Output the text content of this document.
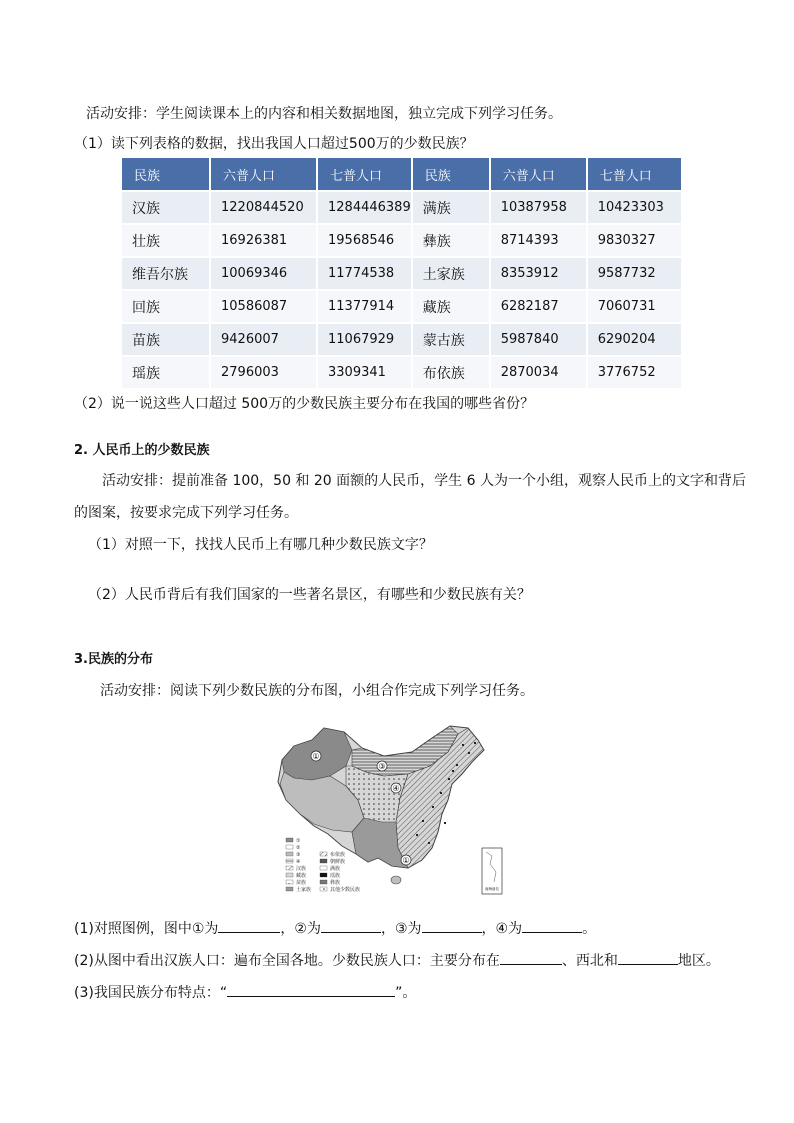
活动安排：学生阅读课本上的内容和相关数据地图，独立完成下列学习任务。
（1）读下列表格的数据，找出我国人口超过500万的少数民族？
民族	六普人口	七普人口	民族	六普人口	七普人口
汉族	1220844520	1284446389	满族	10387958	10423303
壮族	16926381	19568546	彝族	8714393	9830327
维吾尔族	10069346	11774538	土家族	8353912	9587732
回族	10586087	11377914	藏族	6282187	7060731
苗族	9426007	11067929	蒙古族	5987840	6290204
瑶族	2796003	3309341	布依族	2870034	3776752
（2）说一说这些人口超过 500万的少数民族主要分布在我国的哪些省份？
2. 人民币上的少数民族
活动安排：提前准备 100，50 和 20 面额的人民币，学生 6 人为一个小组，观察人民币上的文字和背后
的图案，按要求完成下列学习任务。
（1）对照一下，找找人民币上有哪几种少数民族文字？
（2）人民币背后有我们国家的一些著名景区，有哪些和少数民族有关？
3.民族的分布
活动安排：阅读下列少数民族的分布图，小组合作完成下列学习任务。
①
③
④
①
①
②
③
④
汉族
藏族
苗族
土家族
布依族
朝鲜族
满族
瑶族
彝族
其他少数民族	南海诸岛
(1)对照图例，图中①为	，②为	，③为	，④为	。
(2)从图中看出汉族人口：遍布全国各地。少数民族人口：主要分布在	、西北和	地区。
(3)我国民族分布特点：“	”。
